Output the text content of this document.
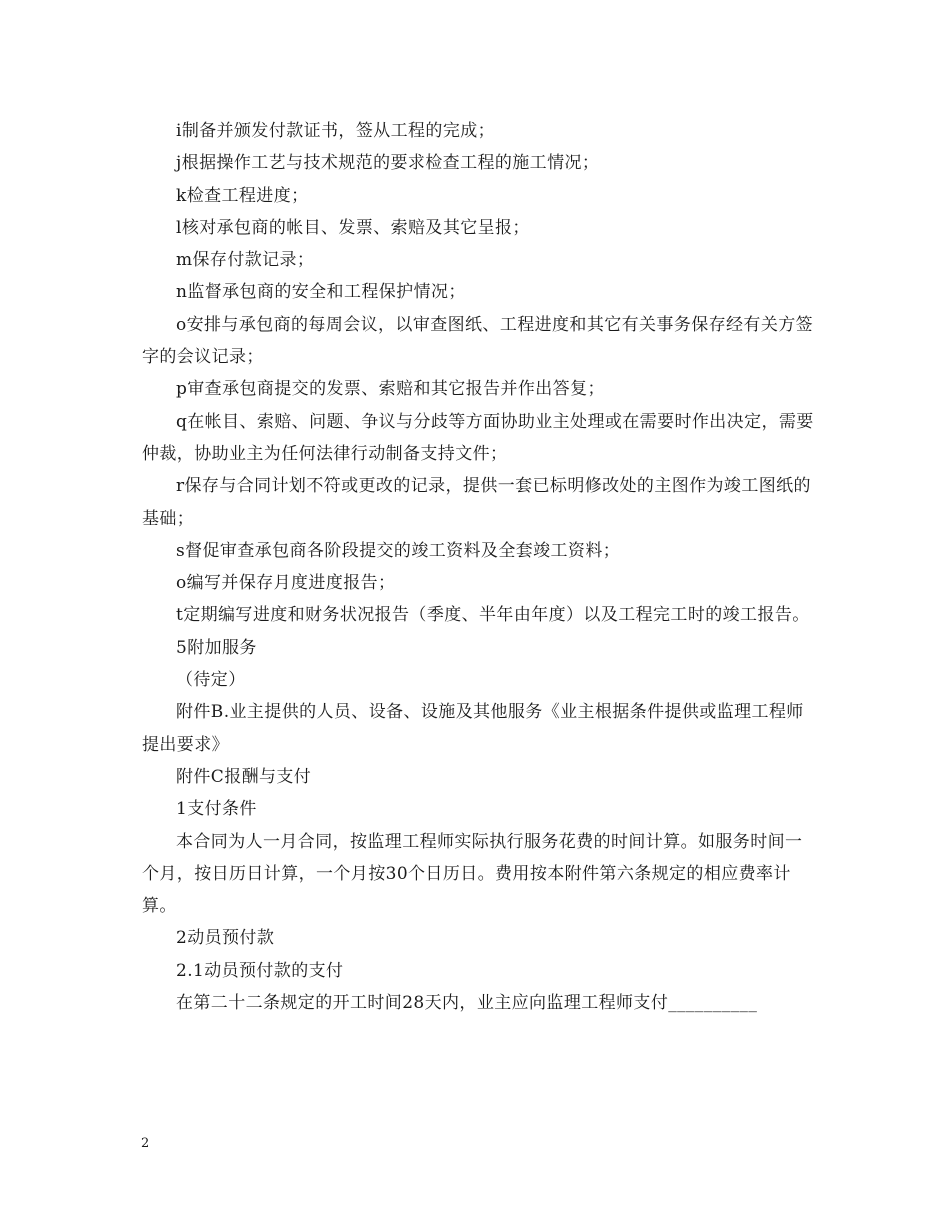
i制备并颁发付款证书，签从工程的完成；

j根据操作工艺与技术规范的要求检查工程的施工情况；

k检查工程进度；

l核对承包商的帐目、发票、索赔及其它呈报；

m保存付款记录；

n监督承包商的安全和工程保护情况；

o安排与承包商的每周会议，以审查图纸、工程进度和其它有关事务保存经有关方签字的会议记录；

p审查承包商提交的发票、索赔和其它报告并作出答复；

q在帐目、索赔、问题、争议与分歧等方面协助业主处理或在需要时作出决定，需要仲裁，协助业主为任何法律行动制备支持文件；

r保存与合同计划不符或更改的记录，提供一套已标明修改处的主图作为竣工图纸的基础；

s督促审查承包商各阶段提交的竣工资料及全套竣工资料；

o编写并保存月度进度报告；

t定期编写进度和财务状况报告（季度、半年由年度）以及工程完工时的竣工报告。

5附加服务

（待定）

附件B.业主提供的人员、设备、设施及其他服务《业主根据条件提供或监理工程师提出要求》

附件C报酬与支付

1支付条件

本合同为人一月合同，按监理工程师实际执行服务花费的时间计算。如服务时间一个月，按日历日计算，一个月按30个日历日。费用按本附件第六条规定的相应费率计算。

2动员预付款

2.1动员预付款的支付

在第二十二条规定的开工时间28天内，业主应向监理工程师支付__________

2
